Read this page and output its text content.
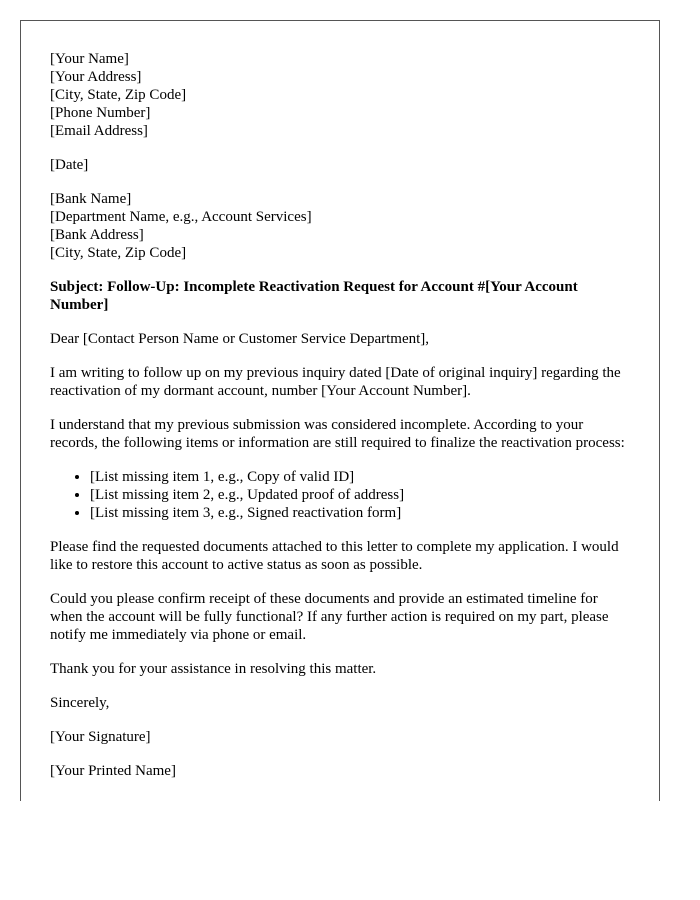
[Your Name]
[Your Address]
[City, State, Zip Code]
[Phone Number]
[Email Address]
[Date]
[Bank Name]
[Department Name, e.g., Account Services]
[Bank Address]
[City, State, Zip Code]
Subject: Follow-Up: Incomplete Reactivation Request for Account #[Your Account
Number]

Dear [Contact Person Name or Customer Service Department],

I am writing to follow up on my previous inquiry dated [Date of original inquiry] regarding the reactivation of my dormant account, number [Your Account Number].

I understand that my previous submission was considered incomplete. According to your records, the following items or information are still required to finalize the reactivation process:

• [List missing item 1, e.g., Copy of valid ID]
• [List missing item 2, e.g., Updated proof of address]
• [List missing item 3, e.g., Signed reactivation form]

Please find the requested documents attached to this letter to complete my application. I would like to restore this account to active status as soon as possible.

Could you please confirm receipt of these documents and provide an estimated timeline for when the account will be fully functional? If any further action is required on my part, please notify me immediately via phone or email.

Thank you for your assistance in resolving this matter.

Sincerely,

[Your Signature]

[Your Printed Name]
